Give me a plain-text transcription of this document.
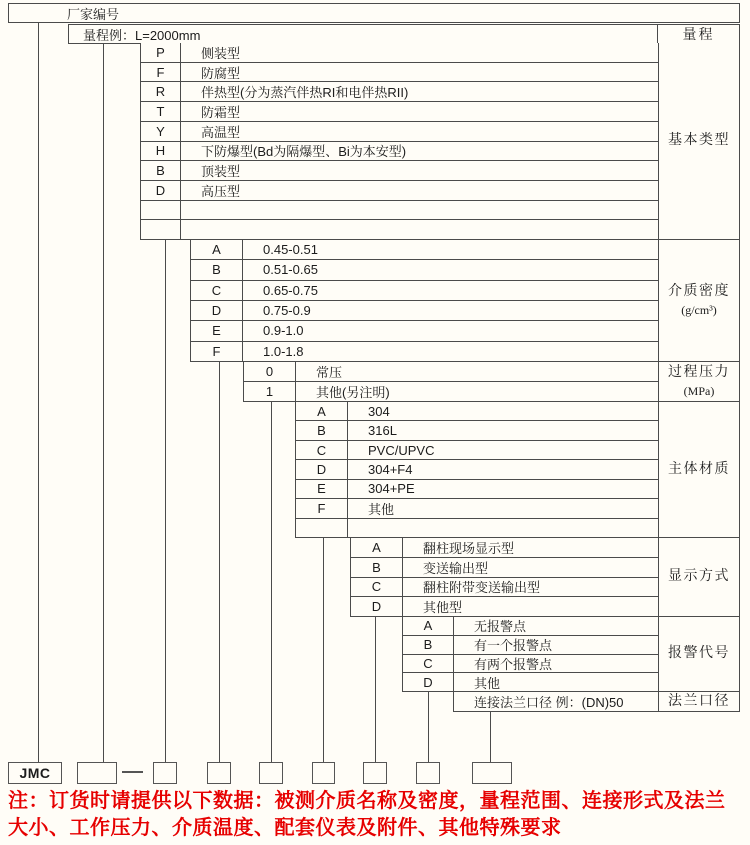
厂家编号
量程例：L=2000mm	量程
连接法兰口径 例：(DN)50	法兰口径
注：订货时请提供以下数据：被测介质名称及密度，量程范围、连接形式及法兰
大小、工作压力、介质温度、配套仪表及附件、其他特殊要求
P	侧装型
F	防腐型
R	伴热型(分为蒸汽伴热RI和电伴热RII)
T	防霜型
Y	高温型
H	下防爆型(Bd为隔爆型、Bi为本安型)
B	顶装型
D	高压型
基本类型
A	0.45-0.51
B	0.51-0.65
C	0.65-0.75
D	0.75-0.9
E	0.9-1.0
F	1.0-1.8
介质密度
(g/cm³)
0	常压
1	其他(另注明)
过程压力
(MPa)
A	304
B	316L
C	PVC/UPVC
D	304+F4
E	304+PE
F	其他
主体材质
A	翻柱现场显示型
B	变送输出型
C	翻柱附带变送输出型
D	其他型
显示方式
A	无报警点
B	有一个报警点
C	有两个报警点
D	其他
报警代号
JMC
